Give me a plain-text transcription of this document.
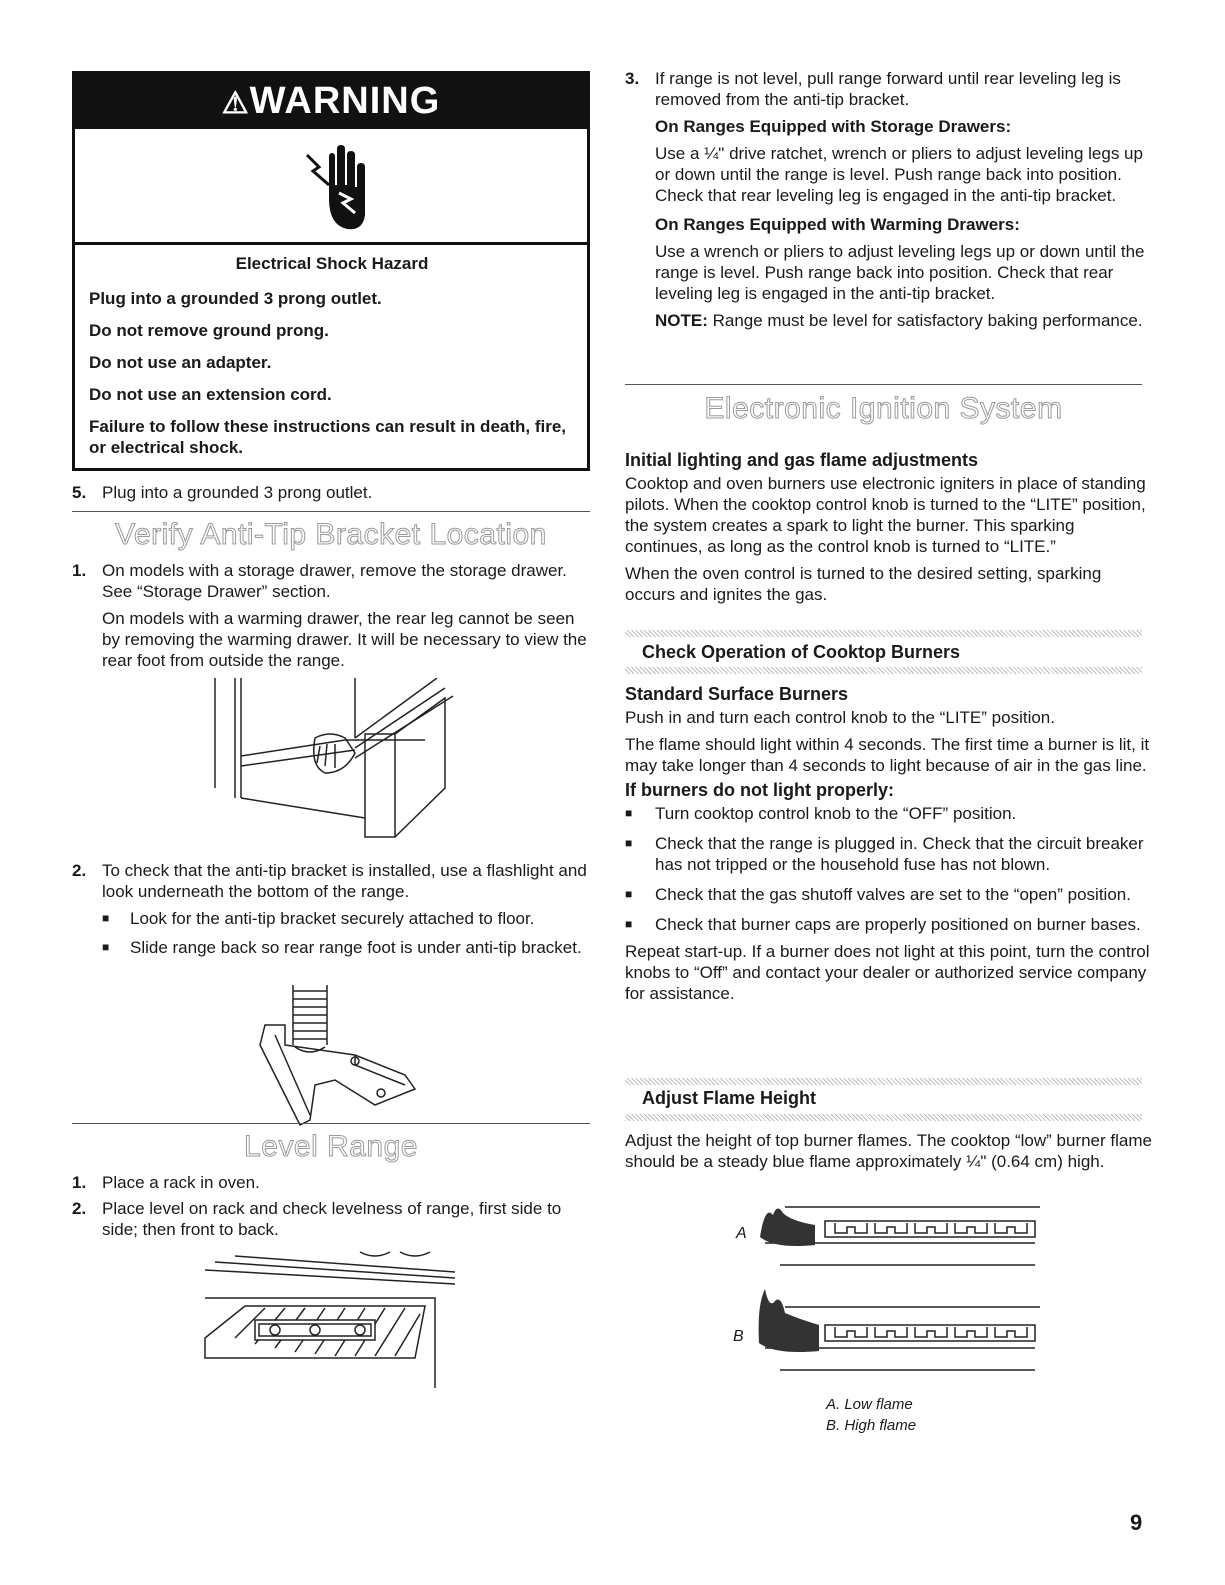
⚠WARNING

Electrical Shock Hazard

Plug into a grounded 3 prong outlet.

Do not remove ground prong.

Do not use an adapter.

Do not use an extension cord.

Failure to follow these instructions can result in death, fire, or electrical shock.

5. Plug into a grounded 3 prong outlet.

Verify Anti-Tip Bracket Location
1. On models with a storage drawer, remove the storage drawer. See “Storage Drawer” section.

On models with a warming drawer, the rear leg cannot be seen by removing the warming drawer. It will be necessary to view the rear foot from outside the range.

2. To check that the anti-tip bracket is installed, use a flashlight and look underneath the bottom of the range.

■ Look for the anti-tip bracket securely attached to floor.

■ Slide range back so rear range foot is under anti-tip bracket.

Level Range
1. Place a rack in oven.

2. Place level on rack and check levelness of range, first side to side; then front to back.

3. If range is not level, pull range forward until rear leveling leg is removed from the anti-tip bracket.

On Ranges Equipped with Storage Drawers:

Use a ¼" drive ratchet, wrench or pliers to adjust leveling legs up or down until the range is level. Push range back into position. Check that rear leveling leg is engaged in the anti-tip bracket.

On Ranges Equipped with Warming Drawers:

Use a wrench or pliers to adjust leveling legs up or down until the range is level. Push range back into position. Check that rear leveling leg is engaged in the anti-tip bracket.

NOTE: Range must be level for satisfactory baking performance.

Electronic Ignition System

Initial lighting and gas flame adjustments

Cooktop and oven burners use electronic igniters in place of standing pilots. When the cooktop control knob is turned to the “LITE” position, the system creates a spark to light the burner. This sparking continues, as long as the control knob is turned to “LITE.”

When the oven control is turned to the desired setting, sparking occurs and ignites the gas.

Check Operation of Cooktop Burners

Standard Surface Burners

Push in and turn each control knob to the “LITE” position.

The flame should light within 4 seconds. The first time a burner is lit, it may take longer than 4 seconds to light because of air in the gas line.

If burners do not light properly:

■ Turn cooktop control knob to the “OFF” position.

■ Check that the range is plugged in. Check that the circuit breaker has not tripped or the household fuse has not blown.

■ Check that the gas shutoff valves are set to the “open” position.

■ Check that burner caps are properly positioned on burner bases.

Repeat start-up. If a burner does not light at this point, turn the control knobs to “Off” and contact your dealer or authorized service company for assistance.

Adjust Flame Height
Adjust the height of top burner flames. The cooktop “low” burner flame should be a steady blue flame approximately ¼" (0.64 cm) high.
A
B

A. Low flame

B. High flame

9
